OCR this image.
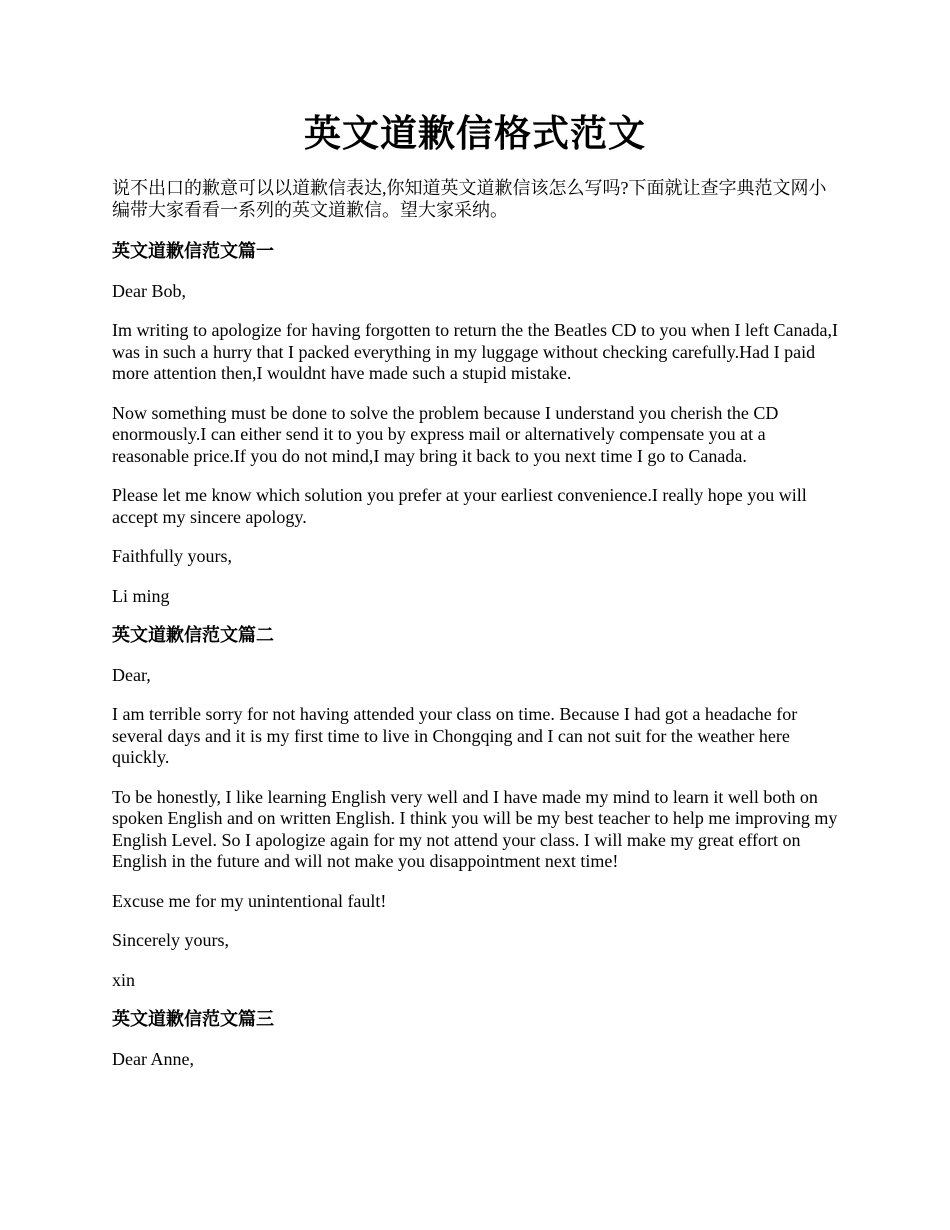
英文道歉信格式范文

说不出口的歉意可以以道歉信表达,你知道英文道歉信该怎么写吗?下面就让查字典范文网小编带大家看看一系列的英文道歉信。望大家采纳。

英文道歉信范文篇一

Dear Bob,

Im writing to apologize for having forgotten to return the the Beatles CD to you when I left Canada,I was in such a hurry that I packed everything in my luggage without checking carefully.Had I paid more attention then,I wouldnt have made such a stupid mistake.

Now something must be done to solve the problem because I understand you cherish the CD enormously.I can either send it to you by express mail or alternatively compensate you at a reasonable price.If you do not mind,I may bring it back to you next time I go to Canada.

Please let me know which solution you prefer at your earliest convenience.I really hope you will accept my sincere apology.

Faithfully yours,

Li ming

英文道歉信范文篇二

Dear,

I am terrible sorry for not having attended your class on time. Because I had got a headache for several days and it is my first time to live in Chongqing and I can not suit for the weather here quickly.

To be honestly, I like learning English very well and I have made my mind to learn it well both on spoken English and on written English. I think you will be my best teacher to help me improving my English Level. So I apologize again for my not attend your class. I will make my great effort on English in the future and will not make you disappointment next time!

Excuse me for my unintentional fault!

Sincerely yours,

xin

英文道歉信范文篇三

Dear Anne,
